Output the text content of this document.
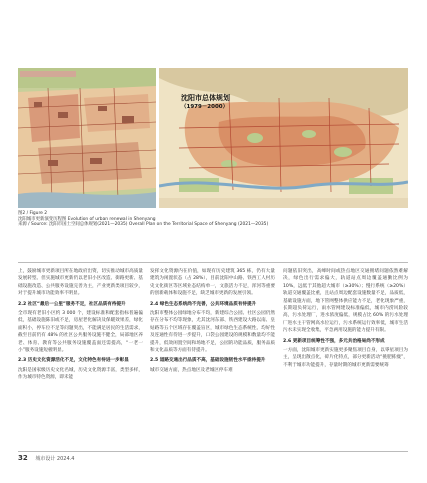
沈阳市总体规划
（1979－2000）
图2 / Figure 2
沈阳城市更新演变历程图 Evolution of urban renewal in Shenyang
来源 / Source: 沈阳市国土空间总体规划(2021—2035) Overall Plan on the Territorial Space of Shenyang (2021—2035)

上，鼓励城市更新项目所在地政府出资，切实推动城市高质量发展转型。但实施城市更新仍以老旧小区改造、街路更新、基础设施改造、公共服务设施完善为主，产业更新类项目较少，对于提升城市功能效率不明显。

2.2 社区“最后一公里”服务不足，社区品质有待提升

全市现有老旧小区约 3 000 个，建设标准和配套指标普遍偏低，基础设施陈旧或不足，房屋老化解决及保暖效果差，绿化面积小，停车位不足等问题突出，不能满足居民的生活需求，截至目前仍有 48% 的社区公共服务设施不健全，局部地区养老、体育、教育等公共服务设施覆盖面还需提高，“一老一小”服务设施短板明显。

2.3 历史文化资源活化不足，文化特色有待进一步彰显

沈阳是国家级历史文化名城，历史文化资源丰富，类型多样，作为城市特色资源，即未能

发挥文化资源内在价值，如现有历史建筑 365 栋，仍有大量建筑为闲置状态（占 28%），目前沈阳中山路、铁西工人村历史文化街区等区域业态结构单一，文旅活力不足，浑河等重要的创新载体和设施不足，缺乏城市更新的发展引领。

2.4 绿色生态系统尚不完善，公共环境品质有待提升

沈阳市整体公园绿地分布不均，新建综合公园、社区公园仍然存在分布不均等现象，尤其沈河东部、铁西建设大路以南、皇姑路等五个区域存在覆盖盲区，城市绿色生态系统性、均好性及连通性有待进一步提升，口袋公园建设的规模和数量均不能提升，低效闲置空间和场地不足，公园的功能品质，服务品质和文化品质等方面有待提升。

2.5 道路交通出行品质不高，基础设施韧性水平亟待提升

城市交通方面，热点地区及老城区停车难

问题依旧突出，高峰时间或热点地区交通拥堵问题依然难解决，绿色出行需求偏大，轨道站点周边覆盖通勤比例为 10%，远低于其他超大城市（≥30%）；慢行系统（≥20%）轨道交通覆盖比重，且站点周边配套设施数量不足，品质低，基础设施方面，地下管网整体供应能力不足，老化现象严重，长期超负荷运行，雨水管网建设标准偏低，城市内涝风险较高，污水处理厂，进水浓度偏低，规模占比 60% 的污水处理厂进水主干管网高水位运行，污水系统运行效率低，城市生活污水未实现全收集，平急两用设施的能力提升有限。

2.6 更新项目统筹性不强，多元共治格局尚不形成

一方面，沈阳城市更新实施更多聚焦项目自身，以零星项目为主，呈现出散点化，碎片化特点，部分更新活动“挑肥拣瘦”，不利于城市功能提升，存量时期的城市更新需要统筹

32 城市设计 2024.4
